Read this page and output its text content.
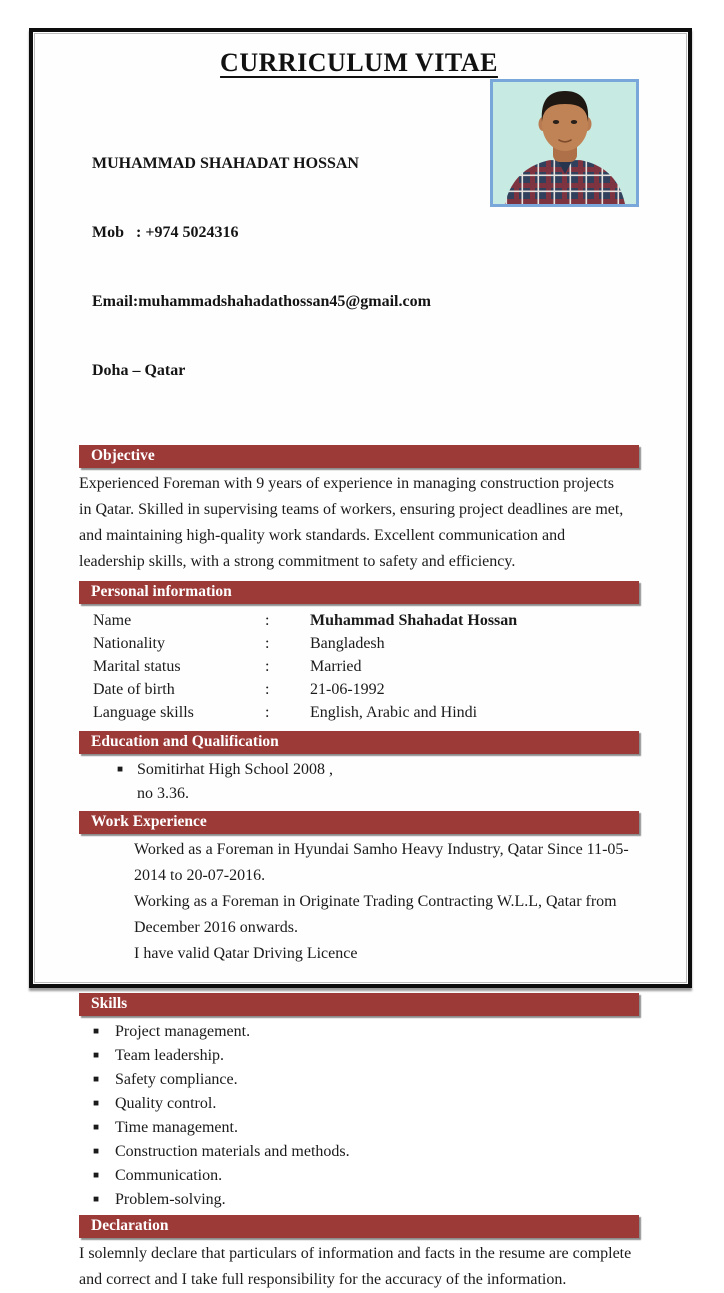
CURRICULUM VITAE

MUHAMMAD SHAHADAT HOSSAN

Mob   : +974 5024316

Email:muhammadshahadathossan45@gmail.com

Doha – Qatar

Objective

Experienced Foreman with 9 years of experience in managing construction projects in Qatar. Skilled in supervising teams of workers, ensuring project deadlines are met, and maintaining high-quality work standards. Excellent communication and leadership skills, with a strong commitment to safety and efficiency.

Personal information
Name	:	Muhammad Shahadat Hossan
Nationality	:	Bangladesh
Marital status	:	Married
Date of birth	:	21-06-1992
Language skills	:	English, Arabic and Hindi
Education and Qualification
■ Somitirhat High School 2008 ,
no 3.36.
Work Experience
Worked as a Foreman in Hyundai Samho Heavy Industry, Qatar Since 11-05-2014 to 20-07-2016.
Working as a Foreman in Originate Trading Contracting W.L.L, Qatar from December 2016 onwards.
I have valid Qatar Driving Licence
Skills
■ Project management.
■ Team leadership.
■ Safety compliance.
■ Quality control.
■ Time management.
■ Construction materials and methods.
■ Communication.
■ Problem-solving.
Declaration

I solemnly declare that particulars of information and facts in the resume are complete and correct and I take full responsibility for the accuracy of the information.
